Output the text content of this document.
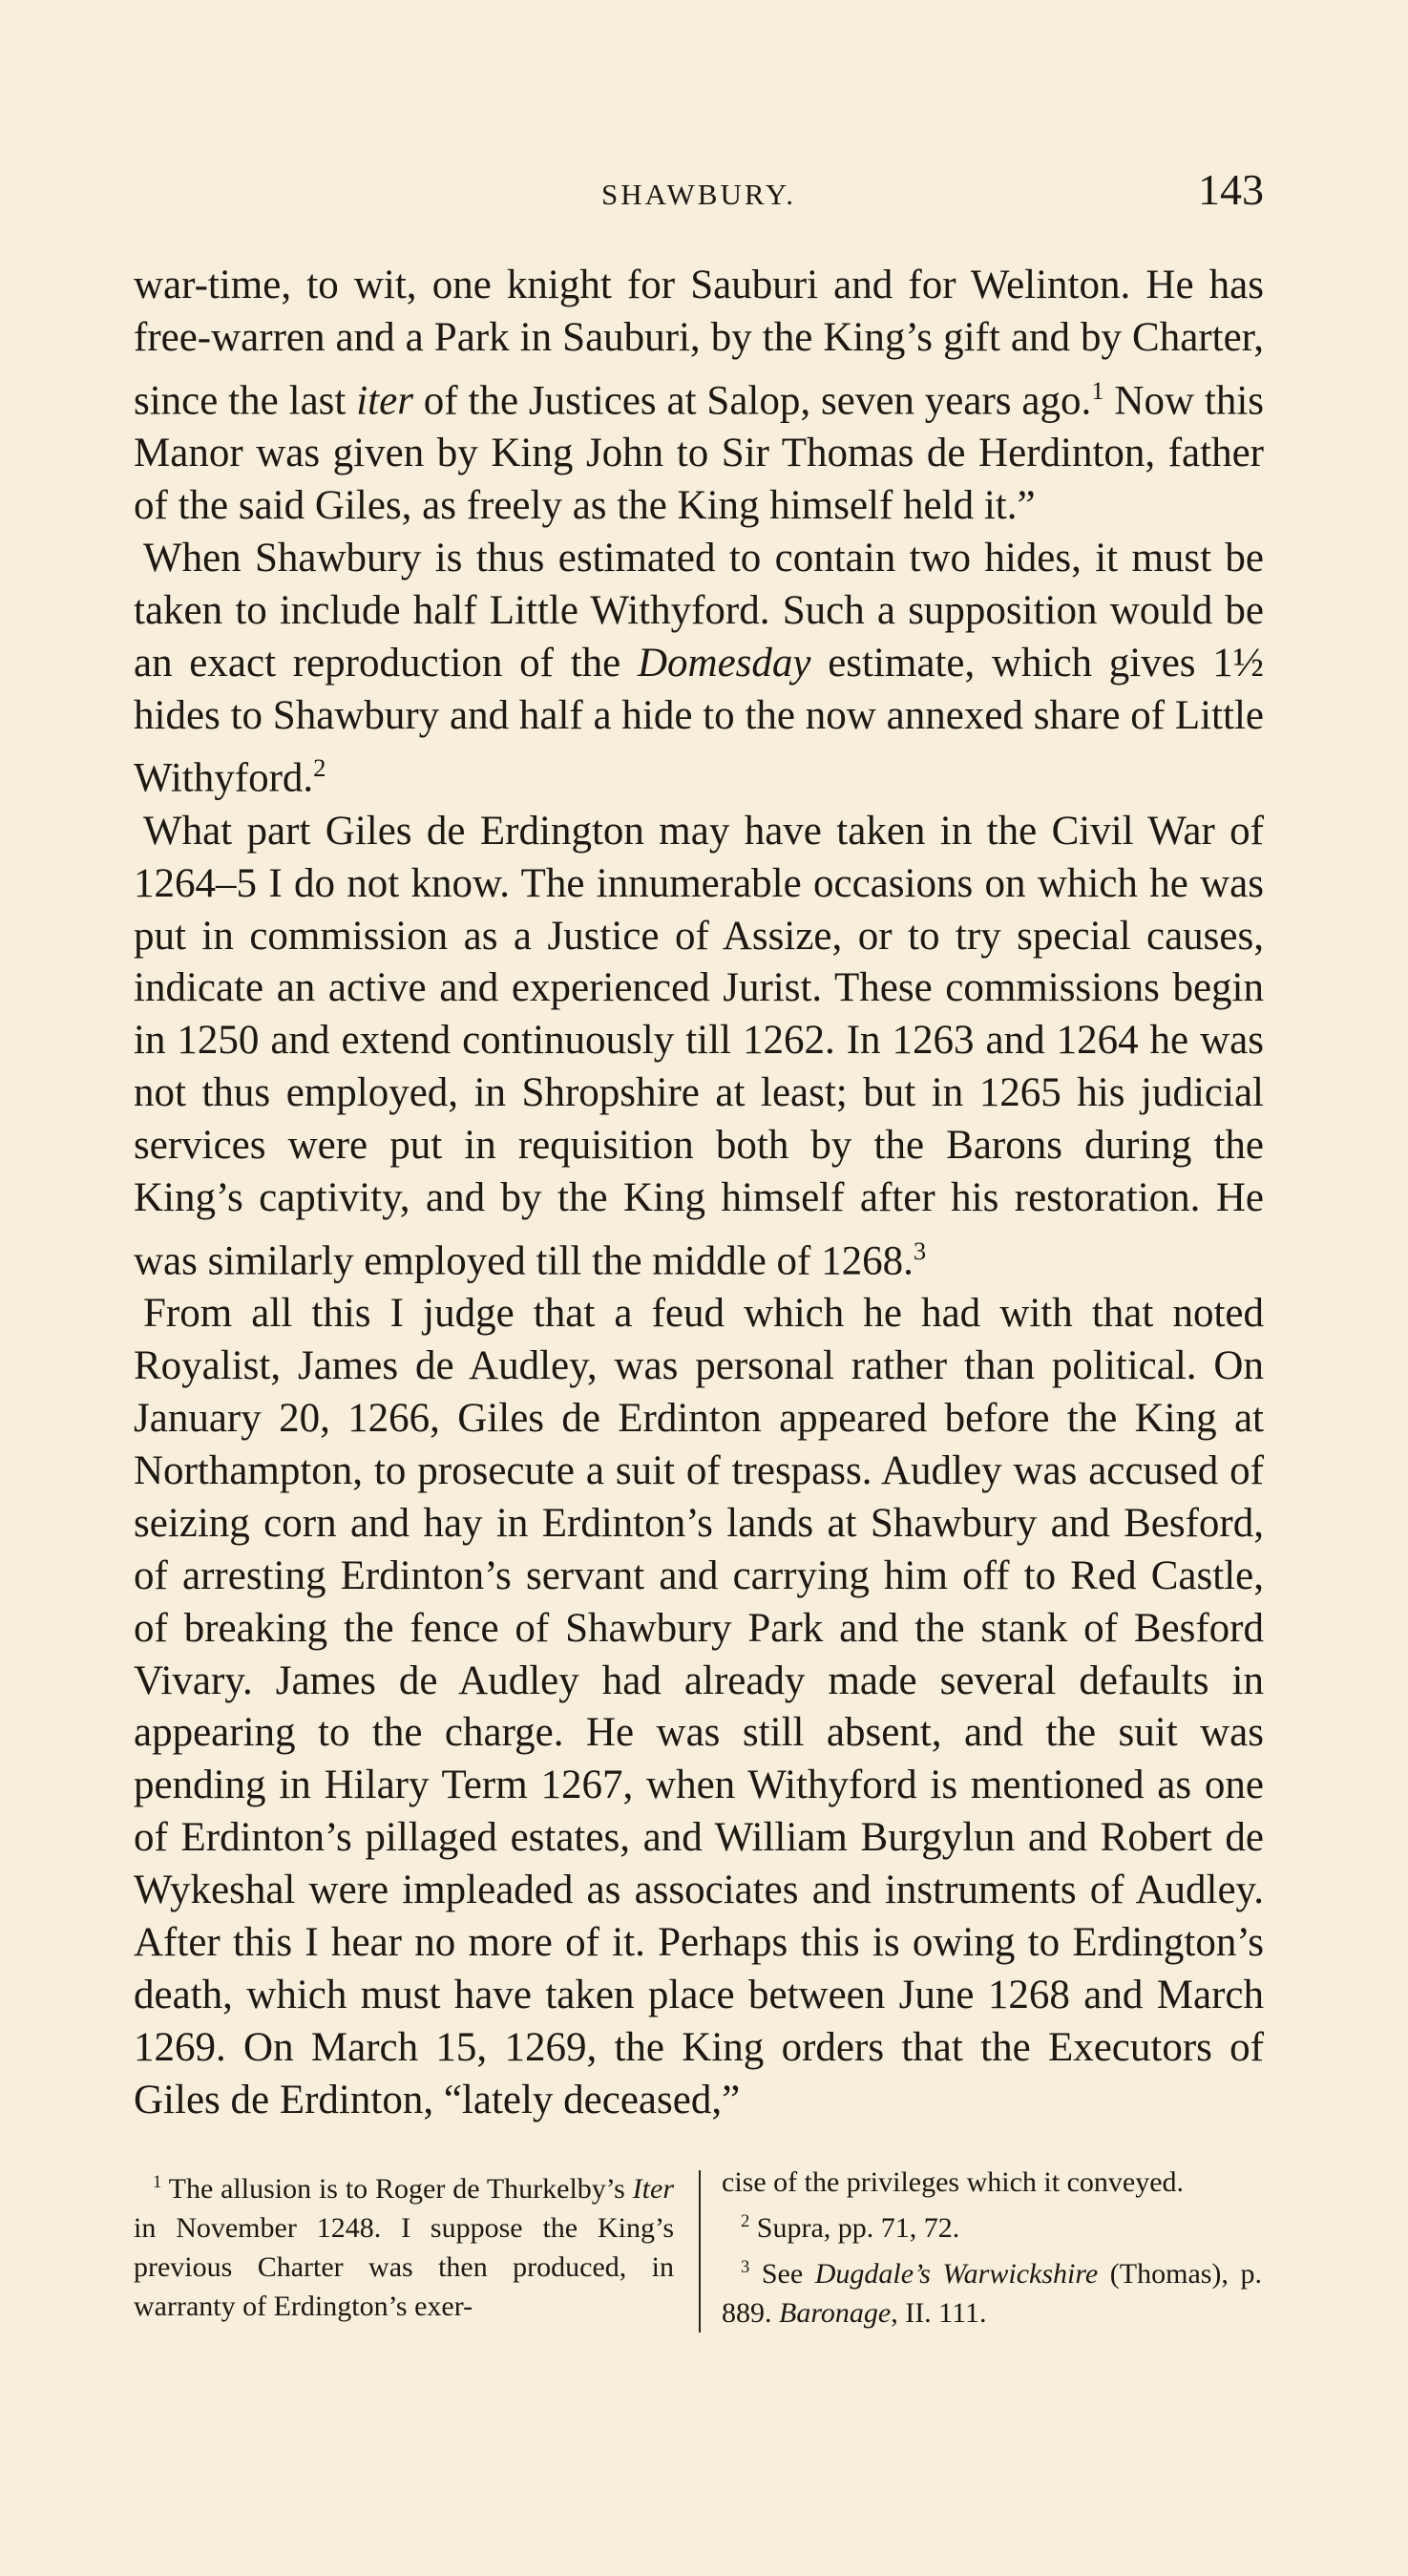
SHAWBURY.	143

war-time, to wit, one knight for Sauburi and for Welinton. He has free-warren and a Park in Sauburi, by the King’s gift and by Charter, since the last iter of the Justices at Salop, seven years ago.$^1$ Now this Manor was given by King John to Sir Thomas de Herdinton, father of the said Giles, as freely as the King himself held it.”

When Shawbury is thus estimated to contain two hides, it must be taken to include half Little Withyford. Such a supposition would be an exact reproduction of the Domesday estimate, which gives 1½ hides to Shawbury and half a hide to the now annexed share of Little Withyford.$^2$

What part Giles de Erdington may have taken in the Civil War of 1264–5 I do not know. The innumerable occasions on which he was put in commission as a Justice of Assize, or to try special causes, indicate an active and experienced Jurist. These commissions begin in 1250 and extend continuously till 1262. In 1263 and 1264 he was not thus employed, in Shropshire at least; but in 1265 his judicial services were put in requisition both by the Barons during the King’s captivity, and by the King himself after his restoration. He was similarly employed till the middle of 1268.$^3$

From all this I judge that a feud which he had with that noted Royalist, James de Audley, was personal rather than political. On January 20, 1266, Giles de Erdinton appeared before the King at Northampton, to prosecute a suit of trespass. Audley was accused of seizing corn and hay in Erdinton’s lands at Shawbury and Besford, of arresting Erdinton’s servant and carrying him off to Red Castle, of breaking the fence of Shawbury Park and the stank of Besford Vivary. James de Audley had already made several defaults in appearing to the charge. He was still absent, and the suit was pending in Hilary Term 1267, when Withyford is mentioned as one of Erdinton’s pillaged estates, and William Burgylun and Robert de Wykeshal were impleaded as associates and instruments of Audley. After this I hear no more of it. Perhaps this is owing to Erdington’s death, which must have taken place between June 1268 and March 1269. On March 15, 1269, the King orders that the Executors of Giles de Erdinton, “lately deceased,”

$^1$ The allusion is to Roger de Thurkelby’s Iter in November 1248. I suppose the King’s previous Charter was then produced, in warranty of Erdington’s exer-
cise of the privileges which it conveyed.
$^2$ Supra, pp. 71, 72.
$^3$ See Dugdale’s Warwickshire (Thomas), p. 889. Baronage, II. 111.
